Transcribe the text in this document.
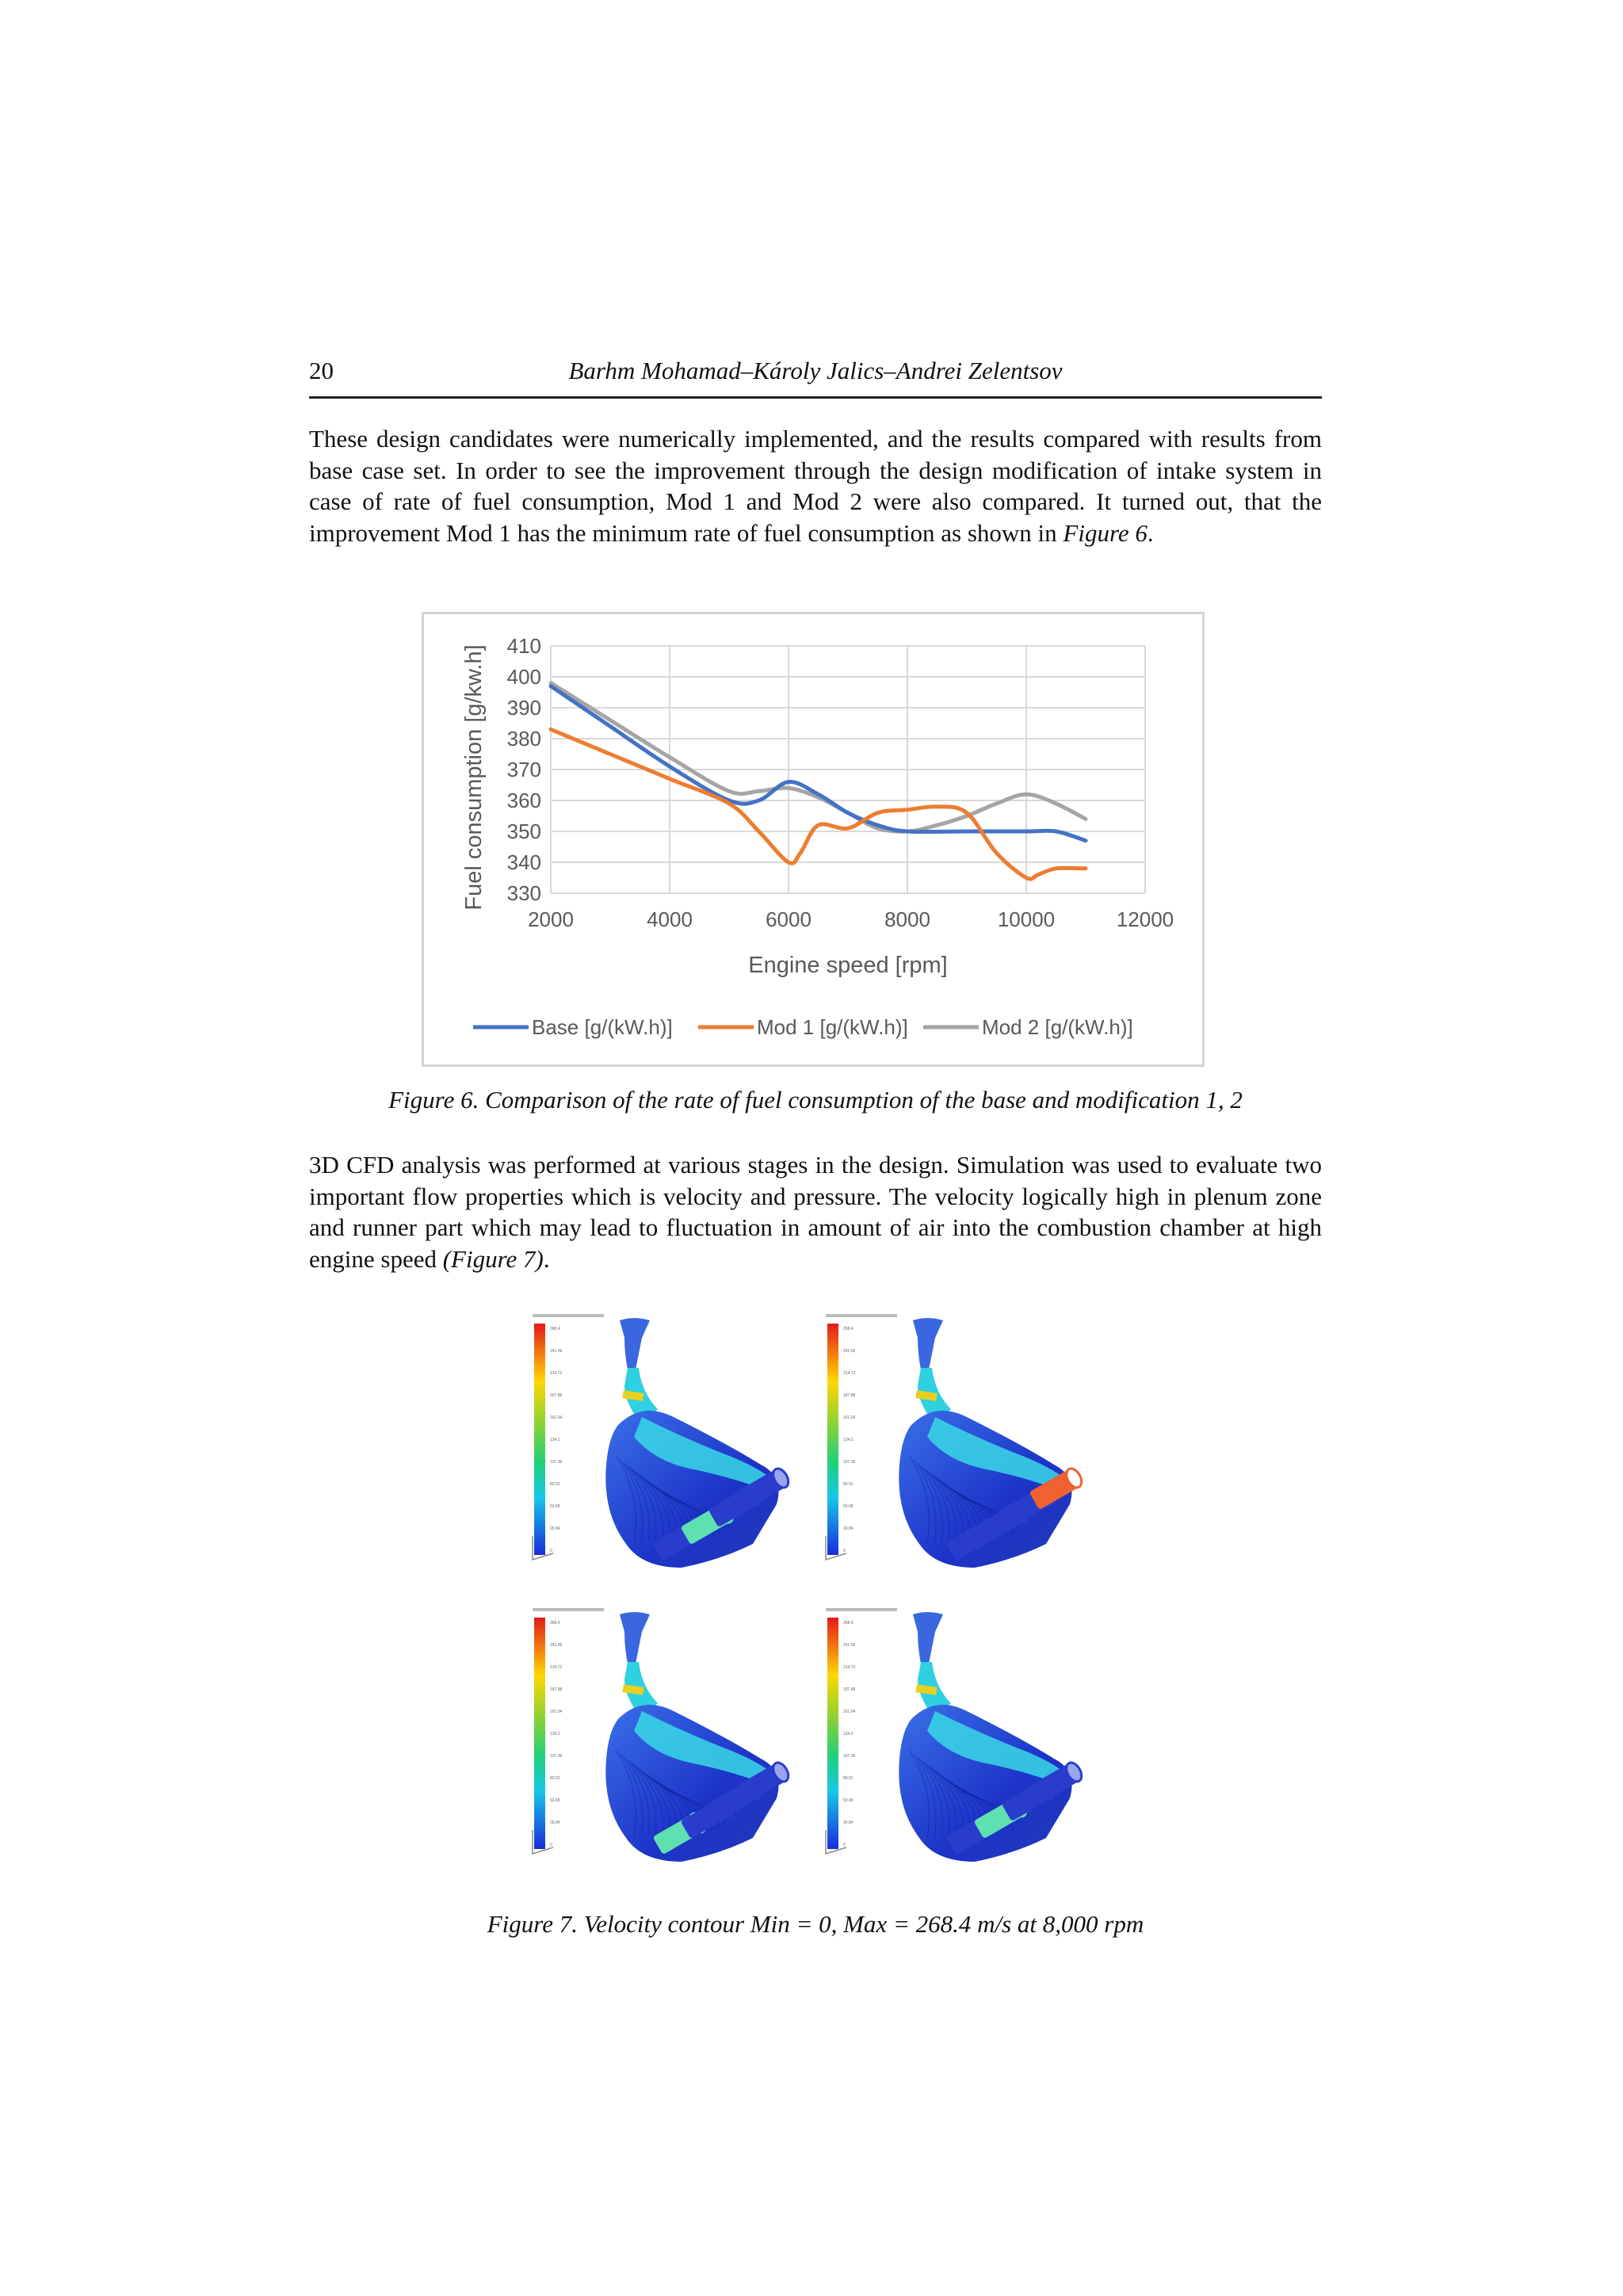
20	Barhm Mohamad–Károly Jalics–Andrei Zelentsov

These design candidates were numerically implemented, and the results compared with results from base case set. In order to see the improvement through the design modification of intake system in case of rate of fuel consumption, Mod 1 and Mod 2 were also compared. It turned out, that the improvement Mod 1 has the minimum rate of fuel consumption as shown in Figure 6.

330
340
350
360
370
380
390
400
410
2000	4000	6000	8000	10000	12000
Engine speed [rpm]
Fuel consumption [g/kw.h]
Base [g/(kW.h)]	Mod 1 [g/(kW.h)]	Mod 2 [g/(kW.h)]
Figure 6. Comparison of the rate of fuel consumption of the base and modification 1, 2

3D CFD analysis was performed at various stages in the design. Simulation was used to evaluate two important flow properties which is velocity and pressure. The velocity logically high in plenum zone and runner part which may lead to fluctuation in amount of air into the combustion chamber at high engine speed (Figure 7).

268.4
241.56
214.72
187.88
161.04
134.2
107.36
80.52
53.68
26.84
0
268.4
241.56
214.72
187.88
161.04
134.2
107.36
80.52
53.68
26.84
0
268.4
241.56
214.72
187.88
161.04
134.2
107.36
80.52
53.68
26.84
0
268.4
241.56
214.72
187.88
161.04
134.2
107.36
80.52
53.68
26.84
0
Figure 7. Velocity contour Min = 0, Max = 268.4 m/s at 8,000 rpm
